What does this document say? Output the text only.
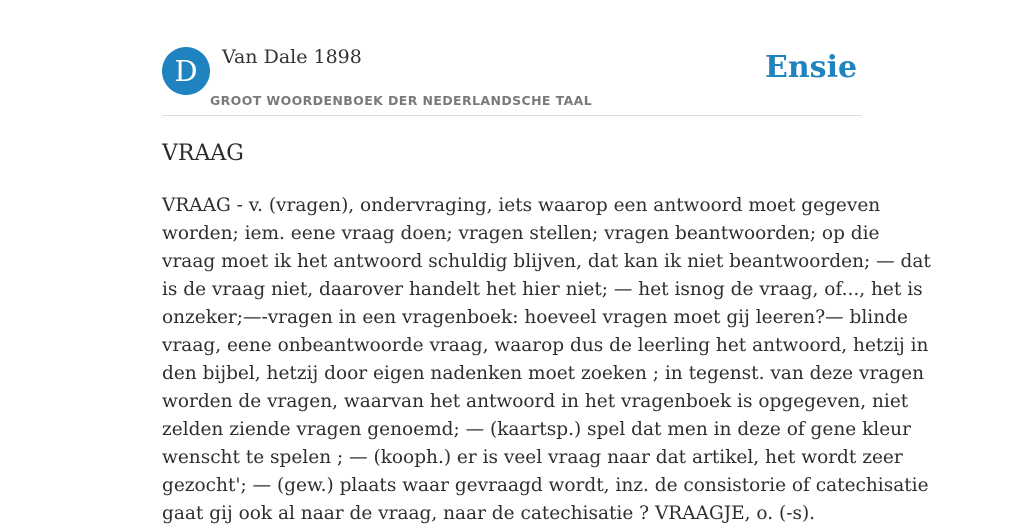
D Van Dale 1898
GROOT WOORDENBOEK DER NEDERLANDSCHE TAAL
Ensie
VRAAG

VRAAG - v. (vragen), ondervraging, iets waarop een antwoord moet gegeven
worden; iem. eene vraag doen; vragen stellen; vragen beantwoorden; op die
vraag moet ik het antwoord schuldig blijven, dat kan ik niet beantwoorden; — dat
is de vraag niet, daarover handelt het hier niet; — het isnog de vraag, of..., het is
onzeker;—-vragen in een vragenboek: hoeveel vragen moet gij leeren?— blinde
vraag, eene onbeantwoorde vraag, waarop dus de leerling het antwoord, hetzij in
den bijbel, hetzij door eigen nadenken moet zoeken ; in tegenst. van deze vragen
worden de vragen, waarvan het antwoord in het vragenboek is opgegeven, niet
zelden ziende vragen genoemd; — (kaartsp.) spel dat men in deze of gene kleur
wenscht te spelen ; — (kooph.) er is veel vraag naar dat artikel, het wordt zeer
gezocht'; — (gew.) plaats waar gevraagd wordt, inz. de consistorie of catechisatie
gaat gij ook al naar de vraag, naar de catechisatie ? VRAAGJE, o. (-s).
